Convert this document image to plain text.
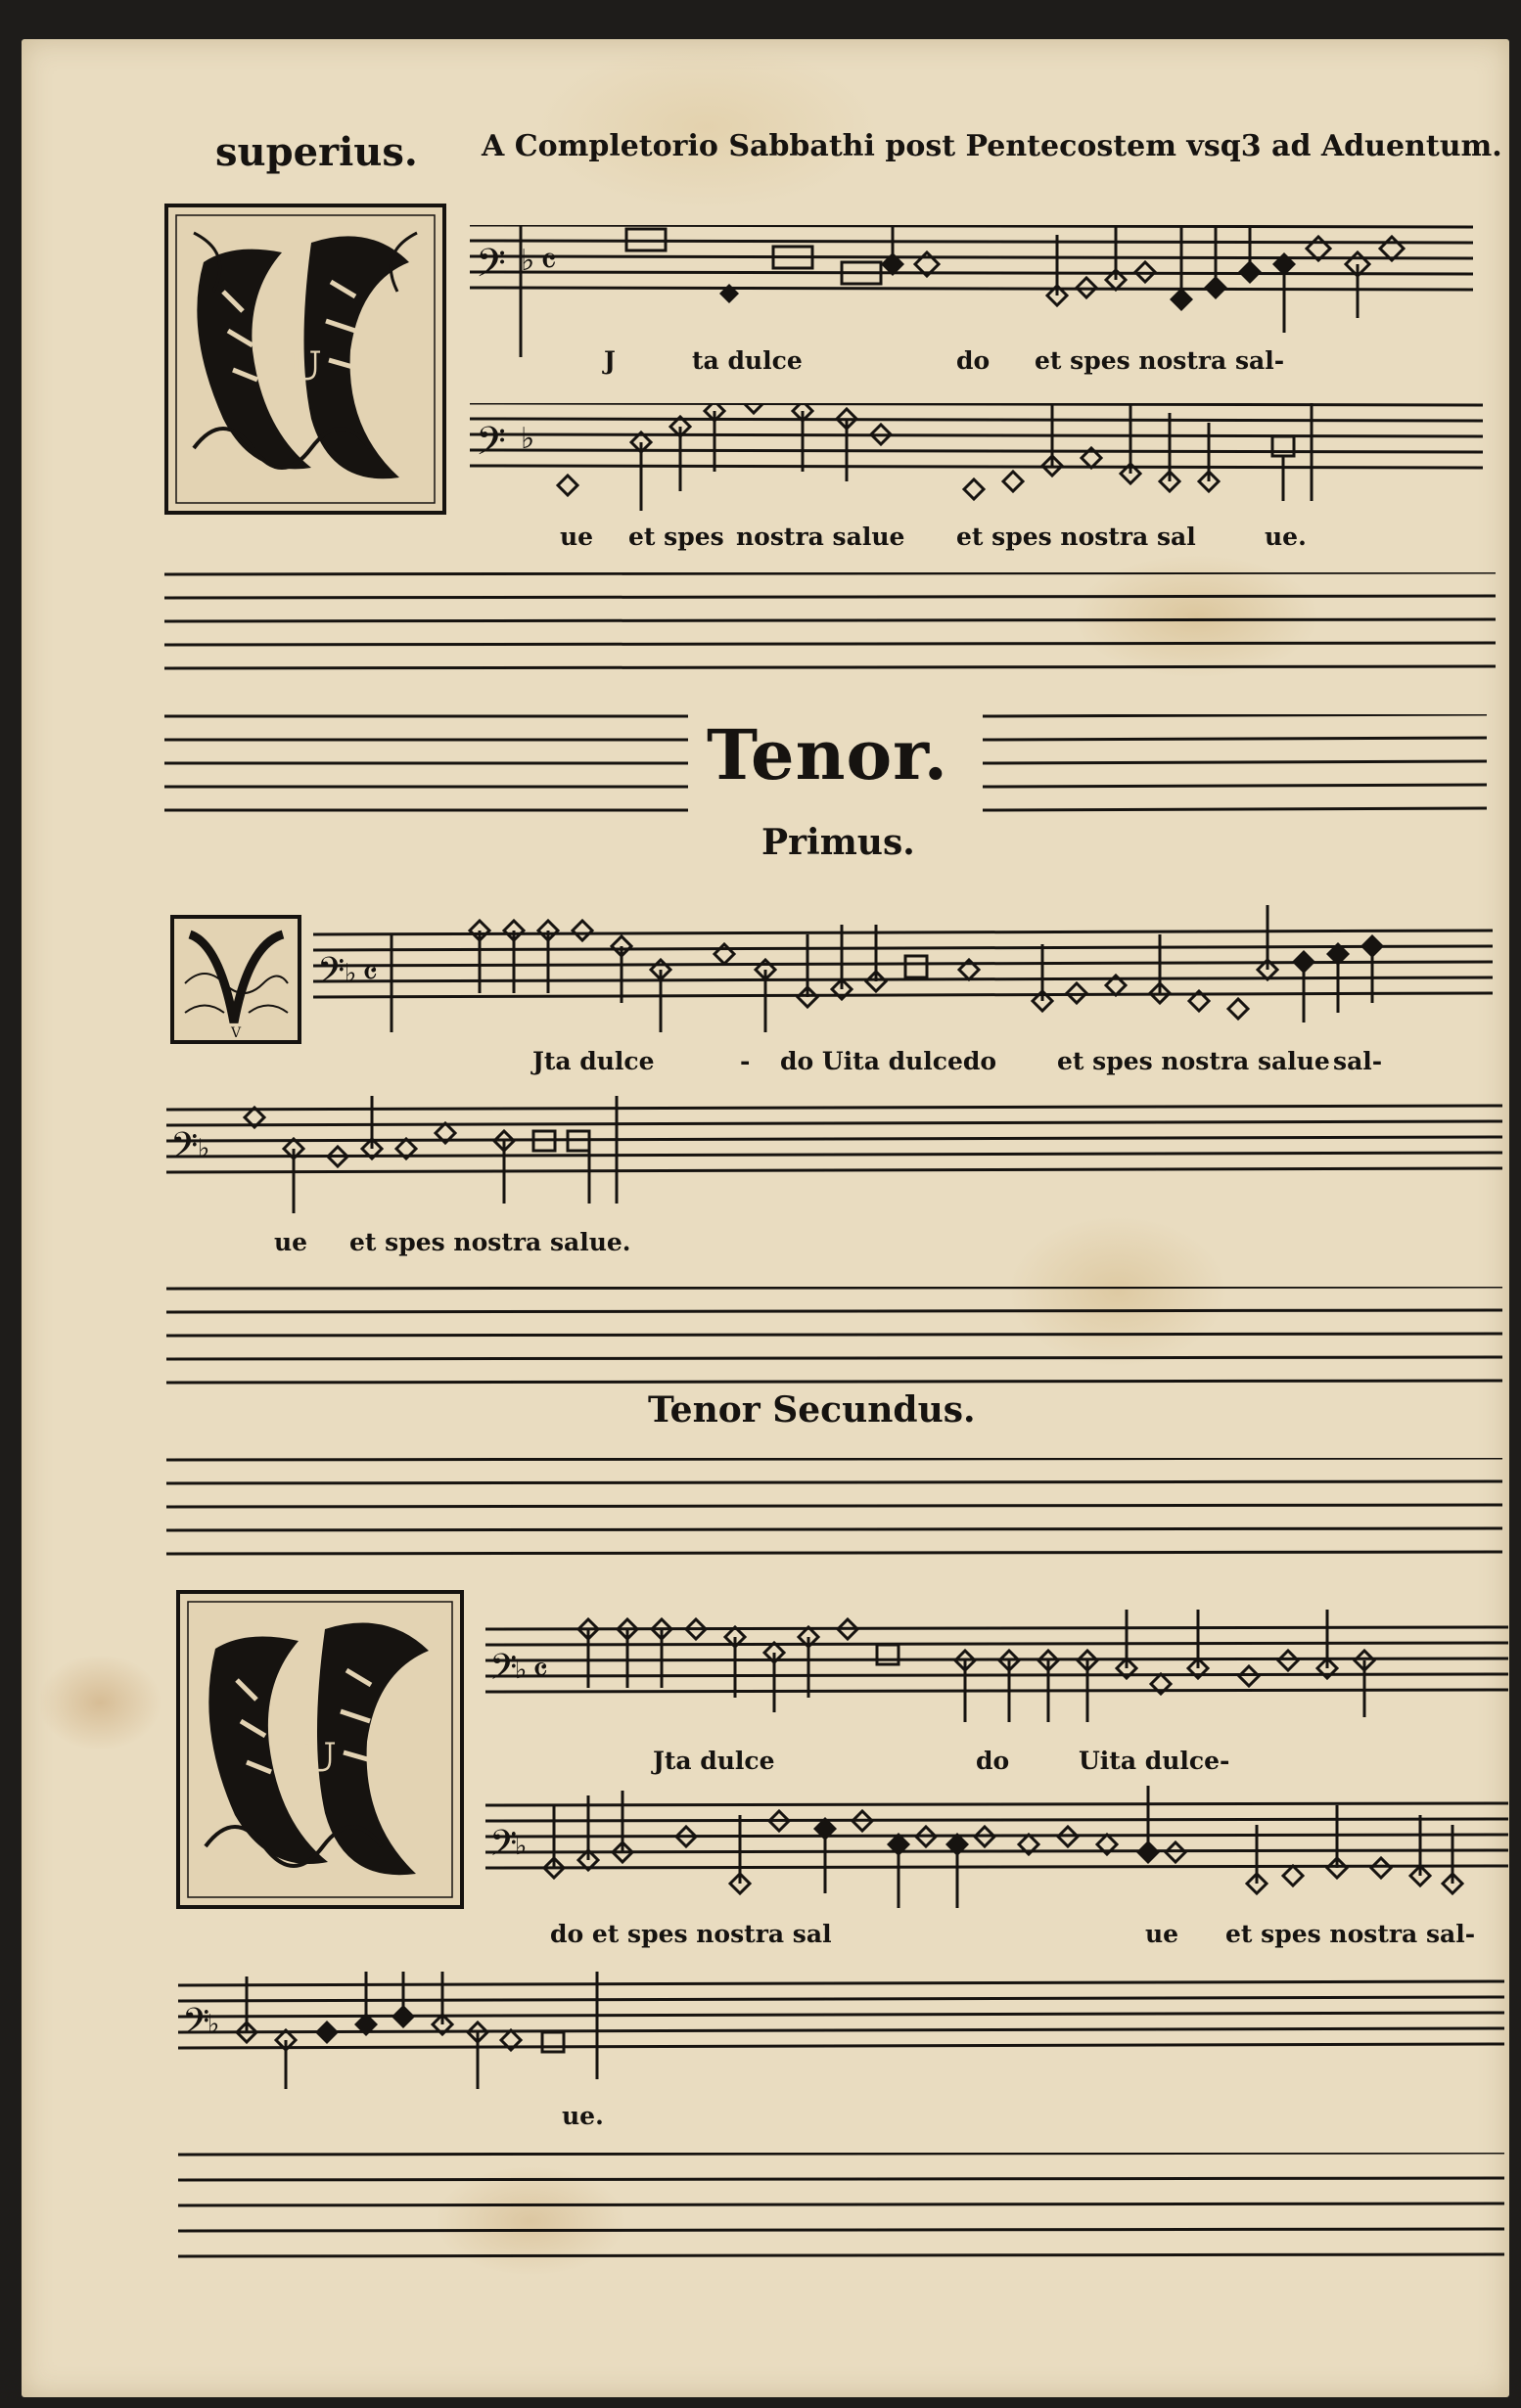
superius. A Completorio Sabbathi post Pentecostem vsq3 ad Aduentum.
U
𝄢 ♭ 𝄴
J	ta dulce	do et spes nostra sal-
𝄢 ♭
ue et spes nostra salue et spes nostra sal	ue.
Tenor.
Primus.
V
𝄢 ♭ 𝄴
Jta dulce	- do Uita dulcedo et spes nostra salue sal-
𝄢 ♭
ue et spes nostra salue.
Tenor Secundus.
U
𝄢
♭ 𝄴
Jta dulce	do	Uita dulce-
𝄢
♭
do et spes nostra sal	ue et spes nostra sal-
𝄢
♭
ue.
